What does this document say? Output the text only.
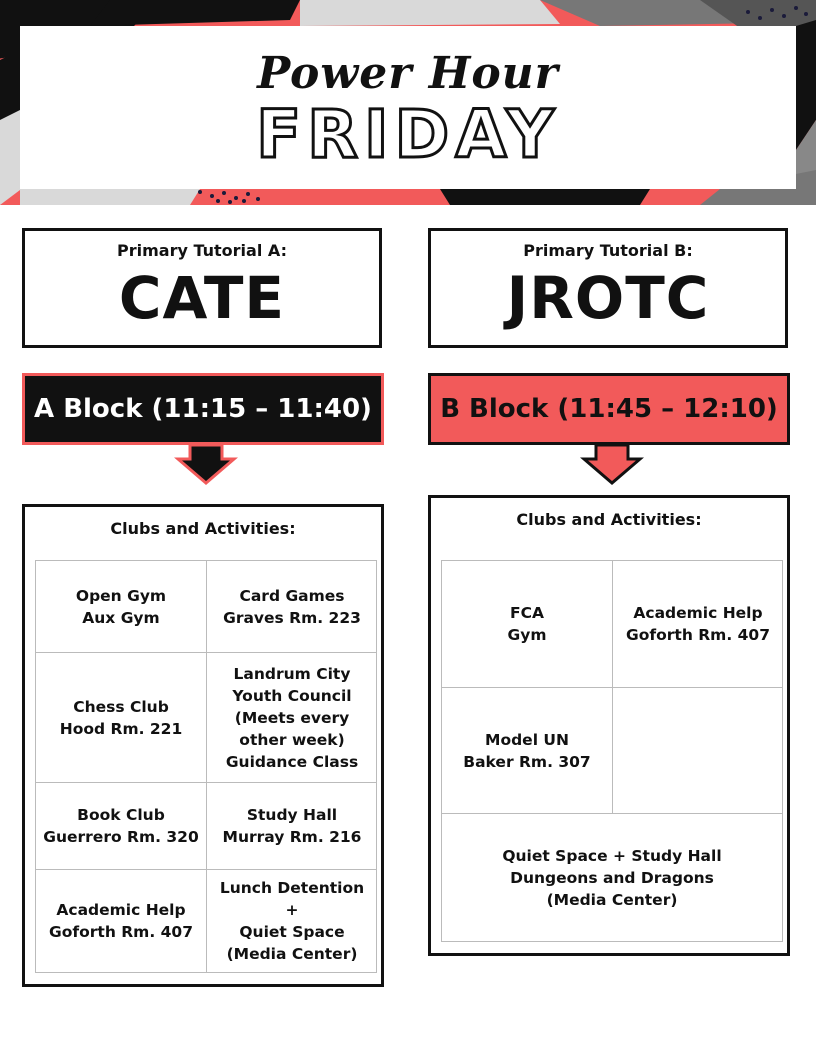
Power Hour
FRIDAY
Primary Tutorial A:
CATE
Primary Tutorial B:
JROTC
A Block (11:15 – 11:40)	B Block (11:45 – 12:10)
Clubs and Activities:
Open Gym
Aux Gym
Card Games
Graves Rm. 223
Chess Club
Hood Rm. 221
Landrum City
Youth Council
(Meets every
other week)
Guidance Class
Book Club
Guerrero Rm. 320
Study Hall
Murray Rm. 216
Academic Help
Goforth Rm. 407
Lunch Detention +
Quiet Space
(Media Center)
Clubs and Activities:
FCA
Gym
Academic Help
Goforth Rm. 407
Model UN
Baker Rm. 307
Quiet Space + Study Hall
Dungeons and Dragons
(Media Center)
